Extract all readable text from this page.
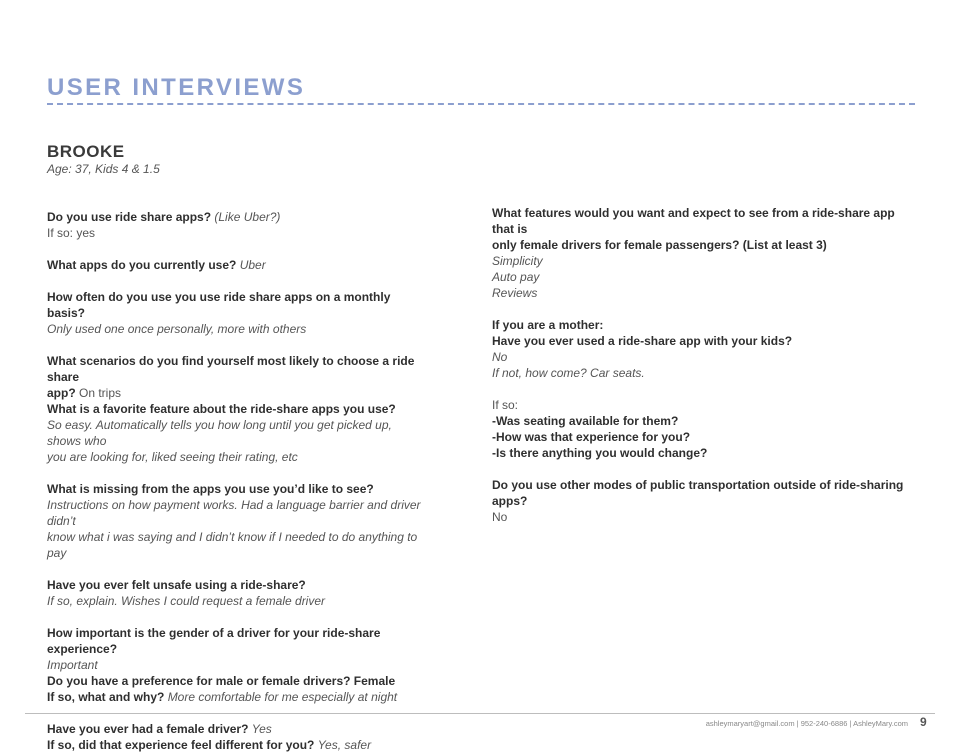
USER INTERVIEWS
BROOKE
Age: 37, Kids 4 & 1.5
Do you use ride share apps? (Like Uber?)
If so: yes
What apps do you currently use? Uber
How often do you use you use ride share apps on a monthly basis?
Only used one once personally, more with others
What scenarios do you find yourself most likely to choose a ride share
app? On trips
What is a favorite feature about the ride-share apps you use?
So easy. Automatically tells you how long until you get picked up, shows who
you are looking for, liked seeing their rating, etc
What is missing from the apps you use you’d like to see?
Instructions on how payment works. Had a language barrier and driver didn’t
know what i was saying and I didn’t know if I needed to do anything to pay
Have you ever felt unsafe using a ride-share?
If so, explain. Wishes I could request a female driver
How important is the gender of a driver for your ride-share experience?
Important
Do you have a preference for male or female drivers? Female
If so, what and why? More comfortable for me especially at night
Have you ever had a female driver? Yes
If so, did that experience feel different for you? Yes, safer
What features would you want and expect to see from a ride-share app that is
only female drivers for female passengers? (List at least 3)
Simplicity
Auto pay
Reviews
If you are a mother:
Have you ever used a ride-share app with your kids?
No
If not, how come? Car seats.
If so:
-Was seating available for them?
-How was that experience for you?
-Is there anything you would change?
Do you use other modes of public transportation outside of ride-sharing apps?
No
ashleymaryart@gmail.com | 952-240-6886 | AshleyMary.com 9
